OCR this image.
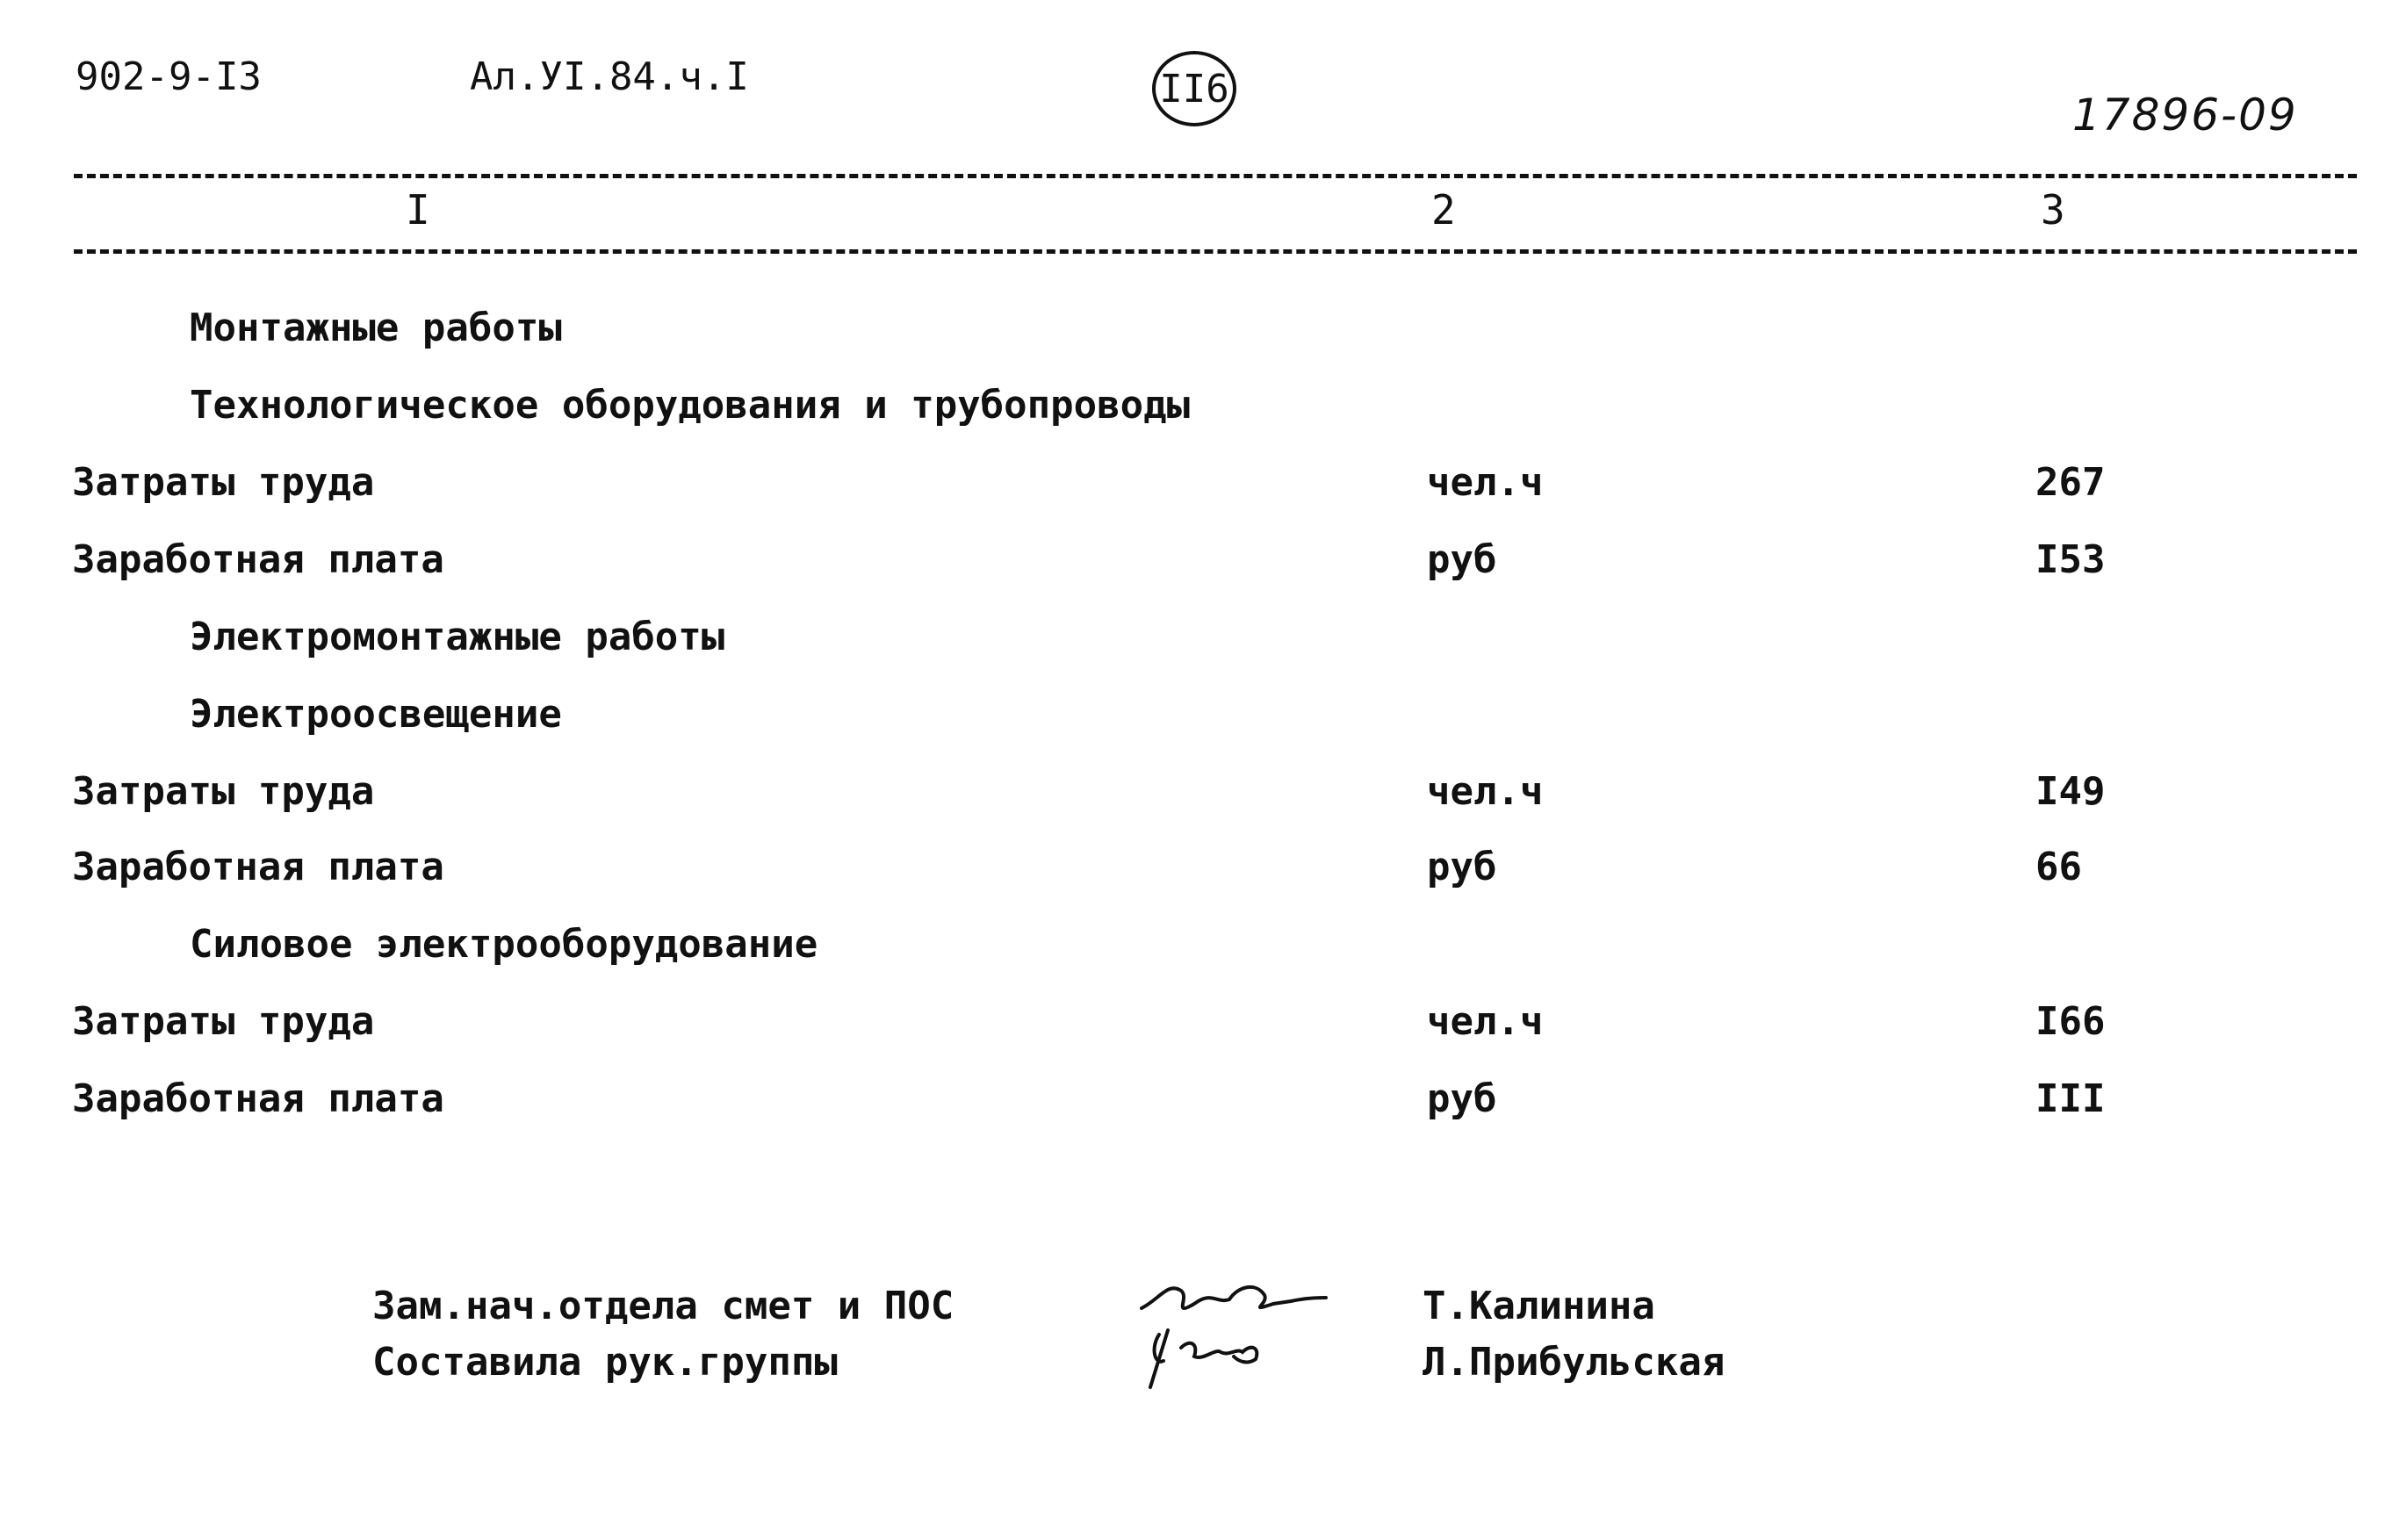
902-9-I3	Ал.УI.84.ч.I	II6
17896-09
I	2	3
Монтажные работы
Технологическое оборудования и трубопроводы
Затраты труда	чел.ч	267
Заработная плата	руб	I53
Электромонтажные работы
Электроосвещение
Затраты труда	чел.ч	I49
Заработная плата	руб	66
Силовое электрооборудование
Затраты труда	чел.ч	I66
Заработная плата	руб	III
Зам.нач.отдела смет и ПОС
Составила рук.группы
Т.Калинина
Л.Прибульская
